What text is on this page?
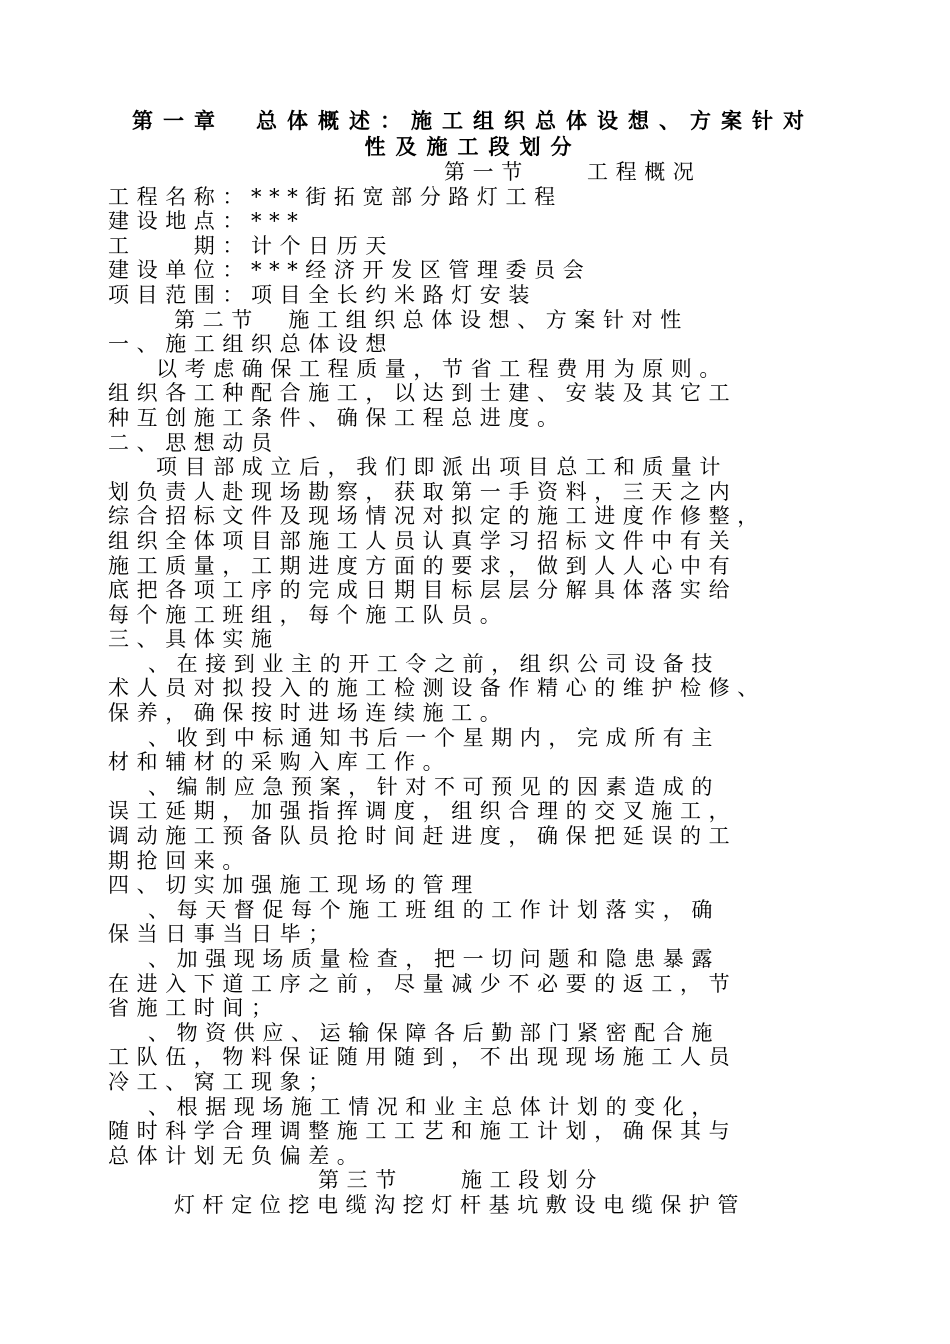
第一章　总体概述：施工组织总体设想、方案针对

性及施工段划分

第一节　　工程概况

工程名称：***街拓宽部分路灯工程

建设地点：***

工　　期：计个日历天

建设单位：***经济开发区管理委员会

项目范围：项目全长约米路灯安装

第二节　施工组织总体设想、方案针对性

一、施工组织总体设想

以考虑确保工程质量，节省工程费用为原则。

组织各工种配合施工，以达到士建、安装及其它工

种互创施工条件、确保工程总进度。

二、思想动员

项目部成立后，我们即派出项目总工和质量计

划负责人赴现场勘察，获取第一手资料，三天之内

综合招标文件及现场情况对拟定的施工进度作修整，

组织全体项目部施工人员认真学习招标文件中有关

施工质量，工期进度方面的要求，做到人人心中有

底把各项工序的完成日期目标层层分解具体落实给

每个施工班组，每个施工队员。

三、具体实施

、在接到业主的开工令之前，组织公司设备技

术人员对拟投入的施工检测设备作精心的维护检修、

保养，确保按时进场连续施工。

、收到中标通知书后一个星期内，完成所有主

材和辅材的采购入库工作。

、编制应急预案，针对不可预见的因素造成的

误工延期，加强指挥调度，组织合理的交叉施工，

调动施工预备队员抢时间赶进度，确保把延误的工

期抢回来。

四、切实加强施工现场的管理

、每天督促每个施工班组的工作计划落实，确

保当日事当日毕；

、加强现场质量检查，把一切问题和隐患暴露

在进入下道工序之前，尽量减少不必要的返工，节

省施工时间；

、物资供应、运输保障各后勤部门紧密配合施

工队伍，物料保证随用随到，不出现现场施工人员

冷工、窝工现象；

、根据现场施工情况和业主总体计划的变化，

随时科学合理调整施工工艺和施工计划，确保其与

总体计划无负偏差。

第三节　　施工段划分

灯杆定位挖电缆沟挖灯杆基坑敷设电缆保护管
